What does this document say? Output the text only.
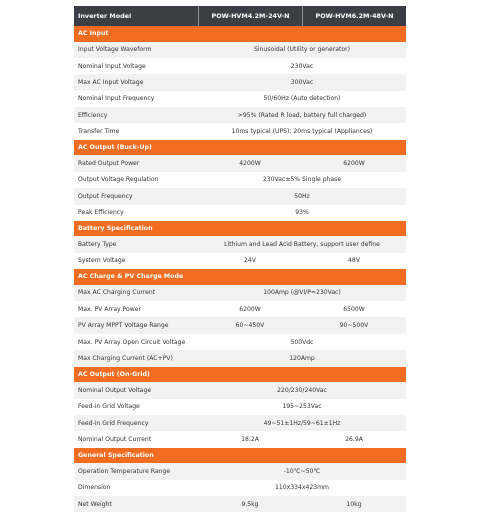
Inverter Model	POW-HVM4.2M-24V-N	POW-HVM6.2M-48V-N
AC Input
Input Voltage Waveform	Sinusoidal (Utility or generator)
Nominal Input Voltage	230Vac
Max AC Input Voltage	300Vac
Nominal Input Frequency	50/60Hz (Auto detection)
Efficiency	>95% (Rated R load, battery full charged)
Transfer Time	10ms typical (UPS); 20ms typical (Appliances)
AC Output (Buck-Up)
Rated Output Power	4200W	6200W
Output Voltage Regulation	230Vac±5% Single phase
Output Frequency	50Hz
Peak Efficiency	93%
Battery Specification
Battery Type	Lithium and Lead Acid Battery, support user define
System Voltage	24V	48V
AC Charge & PV Charge Mode
Max AC Charging Current	100Amp (@VI/P=230Vac)
Max. PV Array Power	6200W	6500W
PV Array MPPT Voltage Range	60~450V	90~500V
Max. PV Array Open Circuit Voltage	500Vdc
Max Charging Current (AC+PV)	120Amp
AC Output (On-Grid)
Nominal Output Voltage	220/230/240Vac
Feed-in Grid Voltage	195~253Vac
Feed-in Grid Frequency	49~51±1Hz/59~61±1Hz
Nominal Output Current	18.2A	26.9A
General Specification
Operation Temperature Range	-10℃~50℃
Dimension	110x334x423mm
Net Weight	9.5kg	10kg
